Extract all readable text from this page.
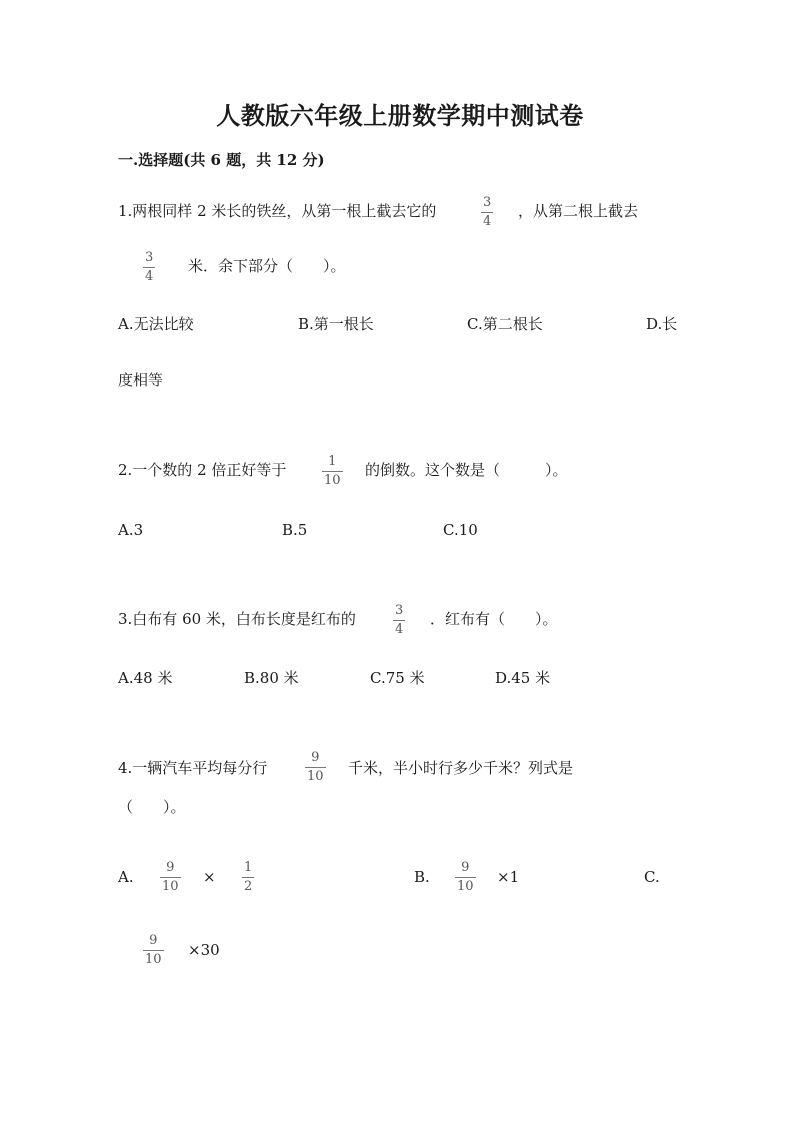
人教版六年级上册数学期中测试卷
一.选择题(共 6 题，共 12 分)
1.两根同样 2 米长的铁丝，从第一根上截去它的	3
4
，从第二根上截去
3
4
米．余下部分（　　）。
A.无法比较	B.第一根长	C.第二根长	D.长
度相等
2.一个数的 2 倍正好等于	1
10
的倒数。这个数是（　　　）。
A.3	B.5	C.10
3.白布有 60 米，白布长度是红布的	3
4
．红布有（　　）。
A.48 米	B.80 米	C.75 米	D.45 米
4.一辆汽车平均每分行
9
10 千米，半小时行多少千米？列式是
（　　）。
A.
9
10
×
1
2
B.
9
10
×1	C.
9
10
×30
